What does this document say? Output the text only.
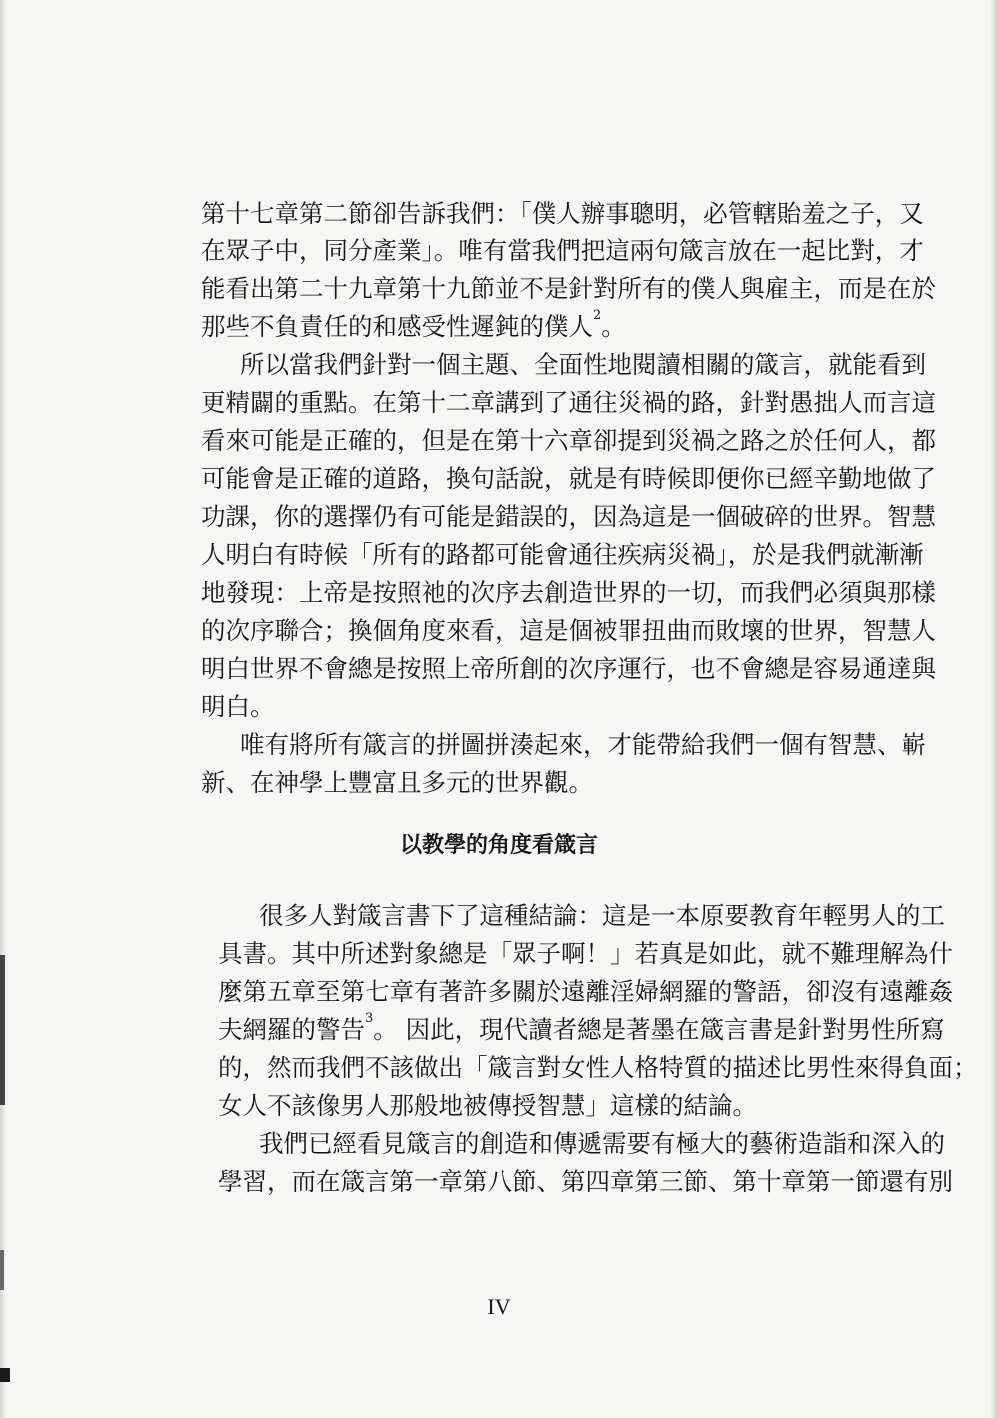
第十七章第二節卻告訴我們：「僕人辦事聰明，必管轄貽羞之子，又
在眾子中，同分產業」。唯有當我們把這兩句箴言放在一起比對，才
能看出第二十九章第十九節並不是針對所有的僕人與雇主，而是在於
那些不負責任的和感受性遲鈍的僕人$^2$。
所以當我們針對一個主題、全面性地閱讀相關的箴言，就能看到
更精闢的重點。在第十二章講到了通往災禍的路，針對愚拙人而言這
看來可能是正確的，但是在第十六章卻提到災禍之路之於任何人，都
可能會是正確的道路，換句話說，就是有時候即便你已經辛勤地做了
功課，你的選擇仍有可能是錯誤的，因為這是一個破碎的世界。智慧
人明白有時候「所有的路都可能會通往疾病災禍」，於是我們就漸漸
地發現：上帝是按照祂的次序去創造世界的一切，而我們必須與那樣
的次序聯合；換個角度來看，這是個被罪扭曲而敗壞的世界，智慧人
明白世界不會總是按照上帝所創的次序運行，也不會總是容易通達與
明白。
唯有將所有箴言的拼圖拼湊起來，才能帶給我們一個有智慧、嶄
新、在神學上豐富且多元的世界觀。
以教學的角度看箴言
很多人對箴言書下了這種結論：這是一本原要教育年輕男人的工
具書。其中所述對象總是「眾子啊！」若真是如此，就不難理解為什
麼第五章至第七章有著許多關於遠離淫婦網羅的警語，卻沒有遠離姦
夫網羅的警告$^3$。 因此，現代讀者總是著墨在箴言書是針對男性所寫
的，然而我們不該做出「箴言對女性人格特質的描述比男性來得負面；
女人不該像男人那般地被傳授智慧」這樣的結論。
我們已經看見箴言的創造和傳遞需要有極大的藝術造詣和深入的
學習，而在箴言第一章第八節、第四章第三節、第十章第一節還有別
IV
